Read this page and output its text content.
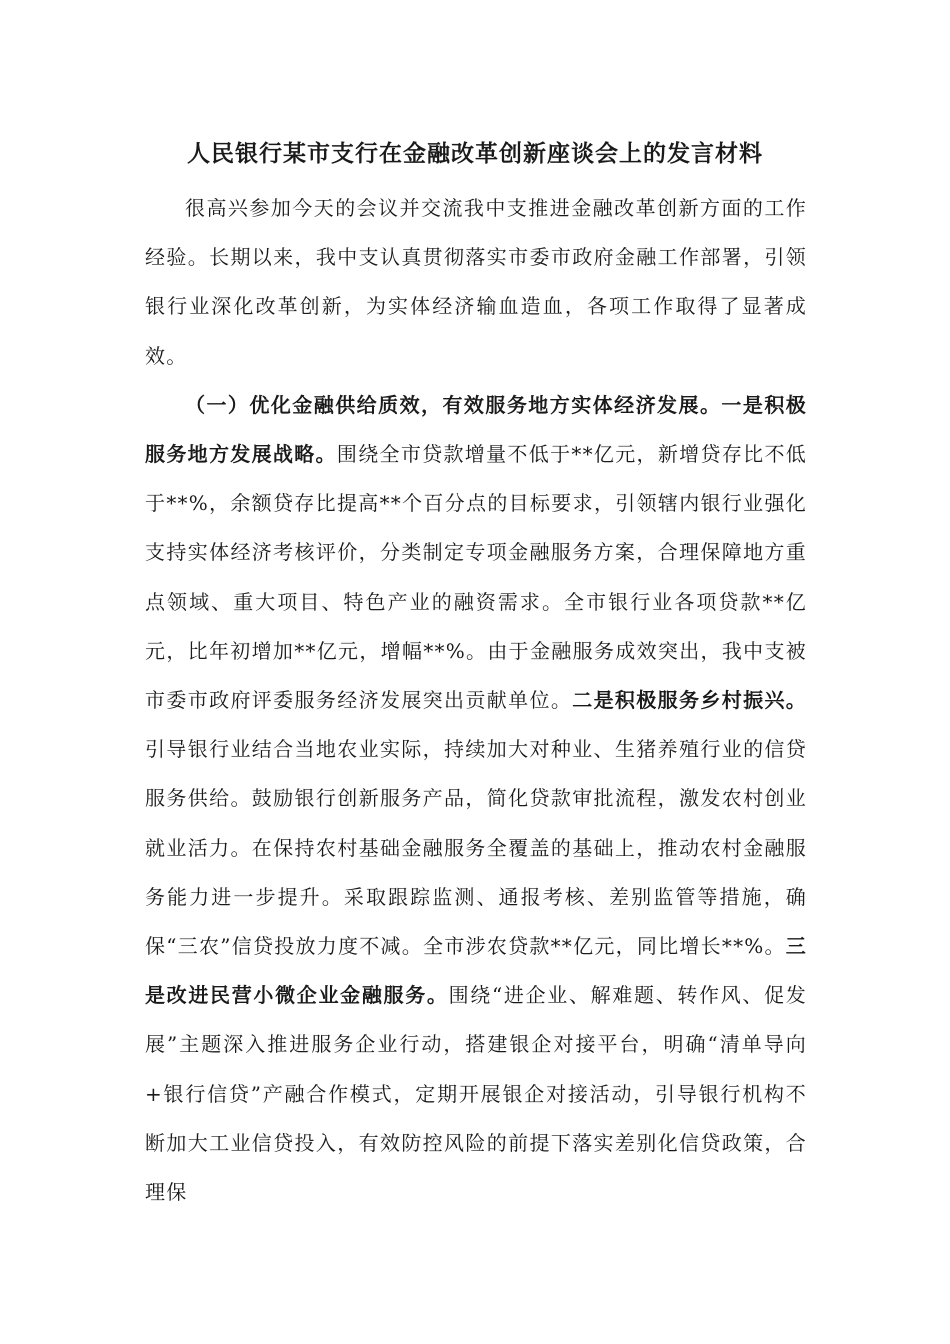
人民银行某市支行在金融改革创新座谈会上的发言材料

很高兴参加今天的会议并交流我中支推进金融改革创新方面的工作经验。长期以来，我中支认真贯彻落实市委市政府金融工作部署，引领银行业深化改革创新，为实体经济输血造血，各项工作取得了显著成效。

（一）优化金融供给质效，有效服务地方实体经济发展。一是积极服务地方发展战略。围绕全市贷款增量不低于**亿元，新增贷存比不低于**%，余额贷存比提高**个百分点的目标要求，引领辖内银行业强化支持实体经济考核评价，分类制定专项金融服务方案，合理保障地方重点领域、重大项目、特色产业的融资需求。全市银行业各项贷款**亿元，比年初增加**亿元，增幅**%。由于金融服务成效突出，我中支被市委市政府评委服务经济发展突出贡献单位。二是积极服务乡村振兴。引导银行业结合当地农业实际，持续加大对种业、生猪养殖行业的信贷服务供给。鼓励银行创新服务产品，简化贷款审批流程，激发农村创业就业活力。在保持农村基础金融服务全覆盖的基础上，推动农村金融服务能力进一步提升。采取跟踪监测、通报考核、差别监管等措施，确保“三农”信贷投放力度不减。全市涉农贷款**亿元，同比增长**%。三是改进民营小微企业金融服务。围绕“进企业、解难题、转作风、促发展”主题深入推进服务企业行动，搭建银企对接平台，明确“清单导向+银行信贷”产融合作模式，定期开展银企对接活动，引导银行机构不断加大工业信贷投入，有效防控风险的前提下落实差别化信贷政策，合理保
